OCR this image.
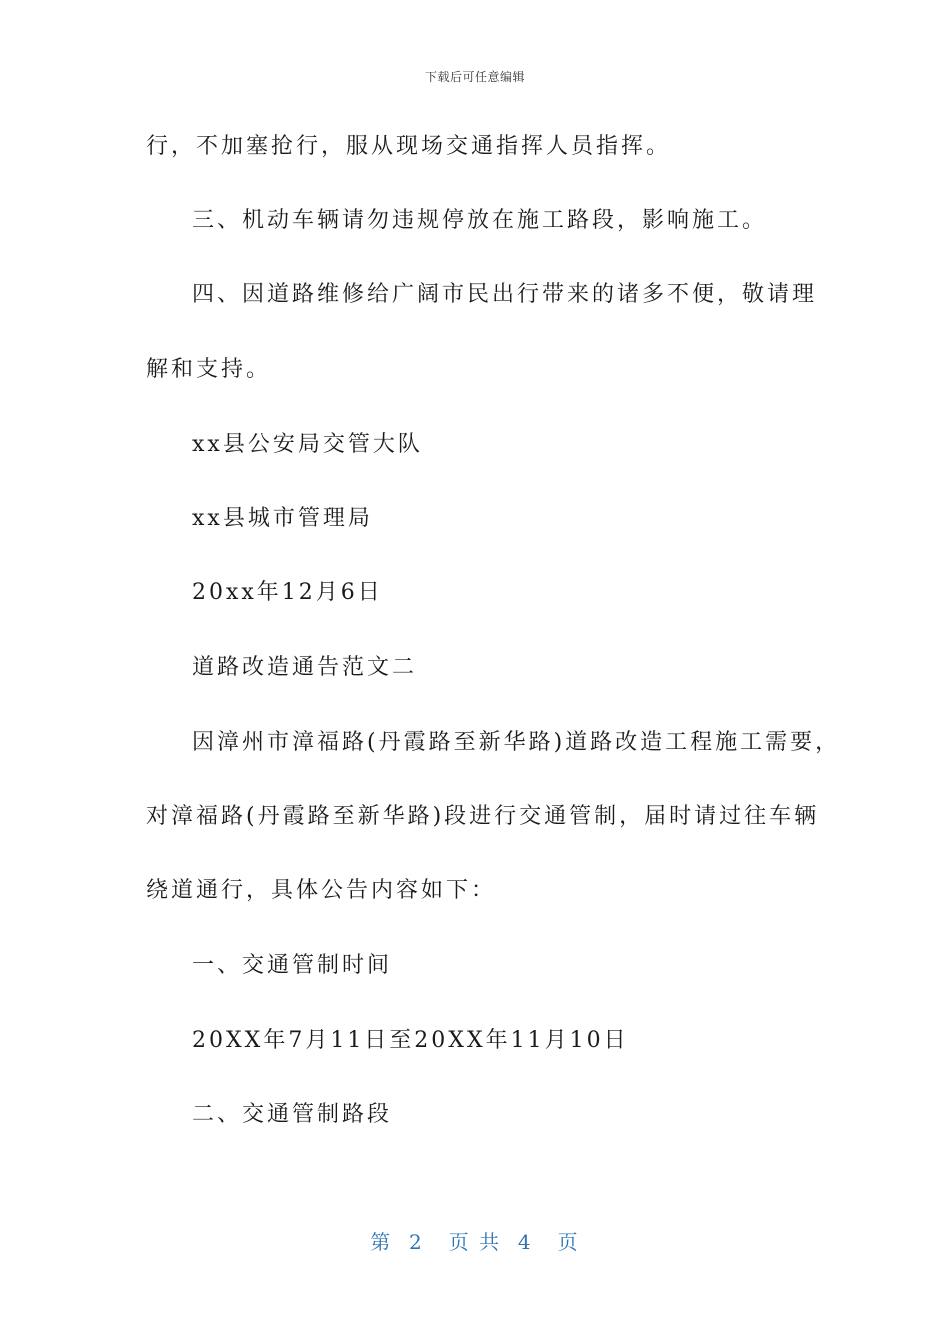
下载后可任意编辑
行，不加塞抢行，服从现场交通指挥人员指挥。
三、机动车辆请勿违规停放在施工路段，影响施工。
四、因道路维修给广阔市民出行带来的诸多不便，敬请理
解和支持。
xx县公安局交管大队
xx县城市管理局
20xx年12月6日
道路改造通告范文二
因漳州市漳福路(丹霞路至新华路)道路改造工程施工需要，
对漳福路(丹霞路至新华路)段进行交通管制，届时请过往车辆
绕道通行，具体公告内容如下：
一、交通管制时间
20XX年7月11日至20XX年11月10日
二、交通管制路段
第  2   页 共  4   页
